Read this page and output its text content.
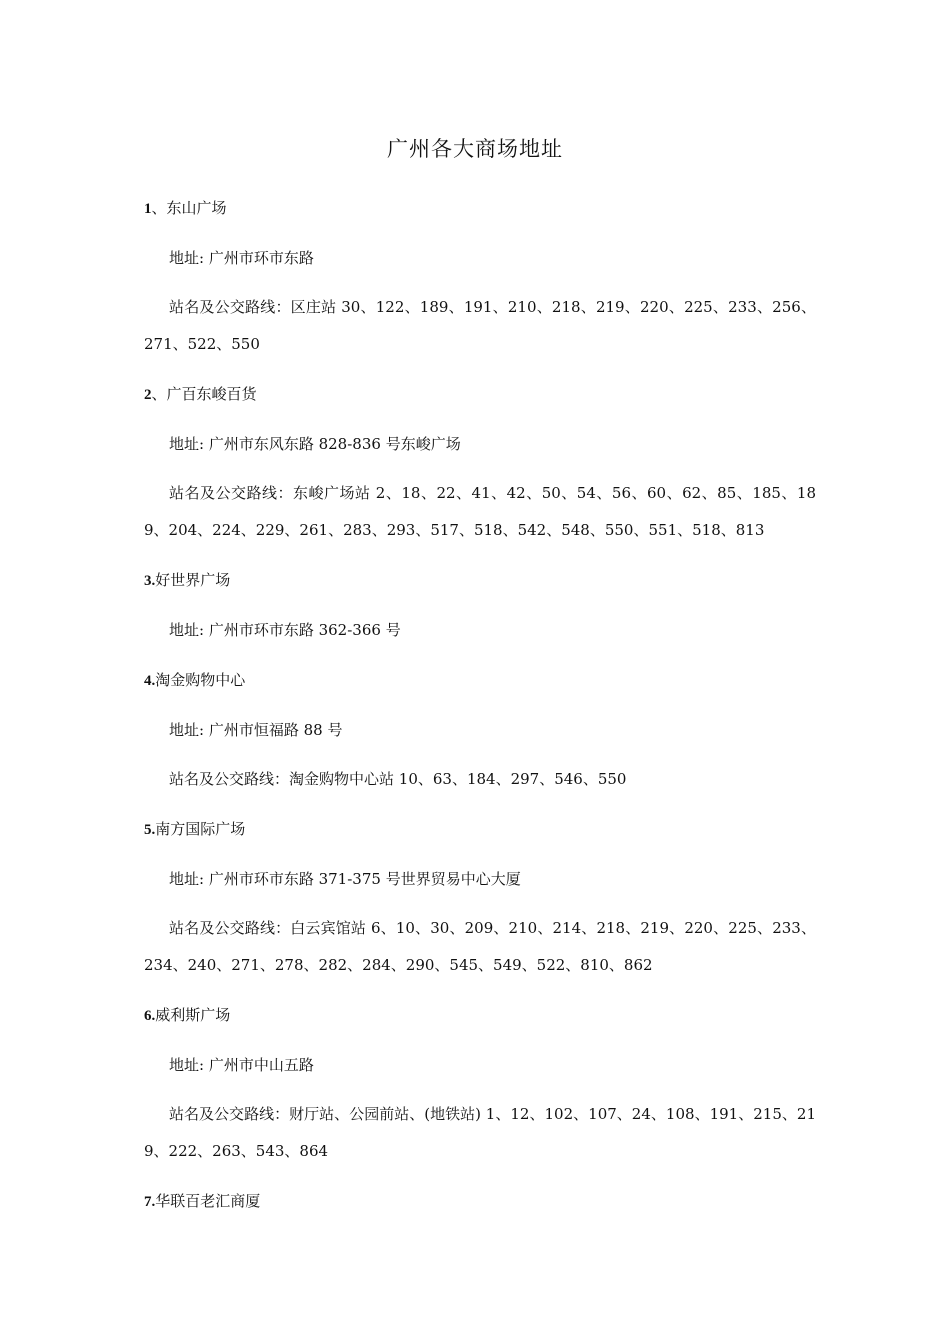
广州各大商场地址

1、东山广场

地址: 广州市环市东路

站名及公交路线：区庄站 30、122、189、191、210、218、219、220、225、233、256、271、522、550

2、广百东峻百货

地址: 广州市东风东路 828-836 号东峻广场

站名及公交路线：东峻广场站 2、18、22、41、42、50、54、56、60、62、85、185、189、204、224、229、261、283、293、517、518、542、548、550、551、518、813

3.好世界广场

地址: 广州市环市东路 362-366 号

4.淘金购物中心

地址: 广州市恒福路 88 号

站名及公交路线：淘金购物中心站 10、63、184、297、546、550

5.南方国际广场

地址: 广州市环市东路 371-375 号世界贸易中心大厦

站名及公交路线：白云宾馆站 6、10、30、209、210、214、218、219、220、225、233、234、240、271、278、282、284、290、545、549、522、810、862

6.威利斯广场

地址: 广州市中山五路

站名及公交路线：财厅站、公园前站、(地铁站) 1、12、102、107、24、108、191、215、219、222、263、543、864

7.华联百老汇商厦
